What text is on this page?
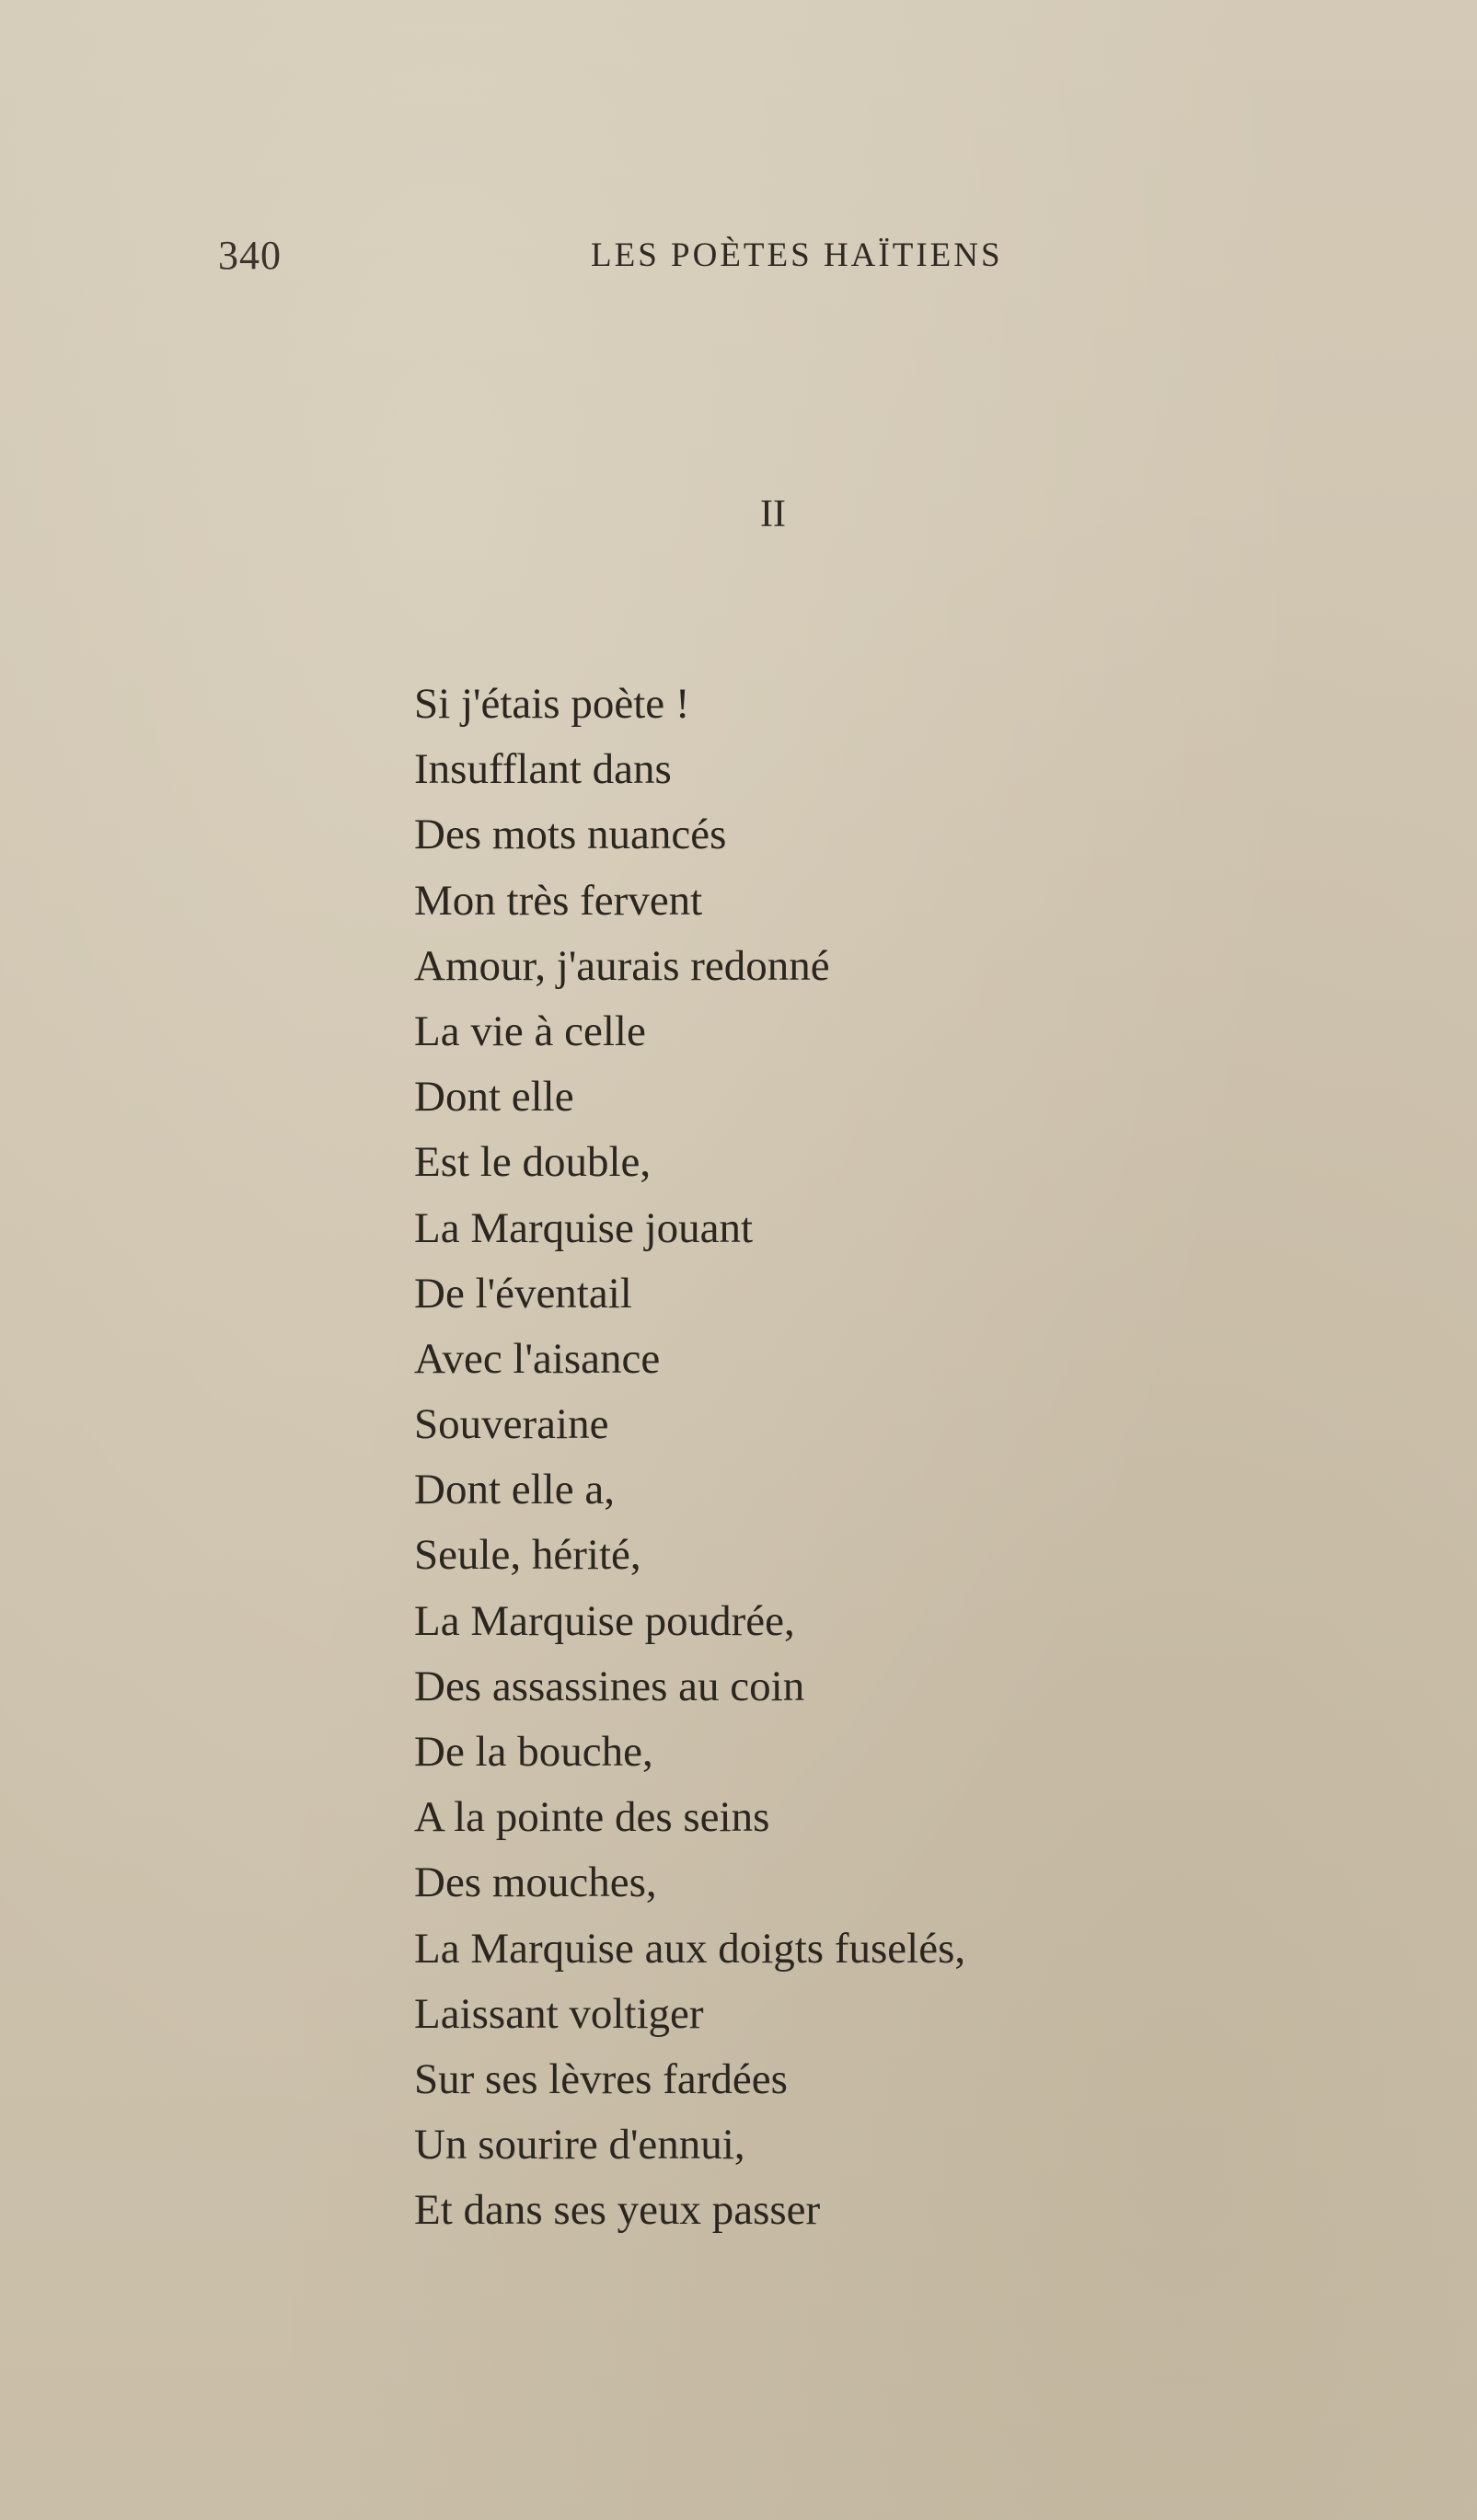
340	LES POÈTES HAÏTIENS
II
Si j'étais poète !
Insufflant dans
Des mots nuancés
Mon très fervent
Amour, j'aurais redonné
La vie à celle
Dont elle
Est le double,
La Marquise jouant
De l'éventail
Avec l'aisance
Souveraine
Dont elle a,
Seule, hérité,
La Marquise poudrée,
Des assassines au coin
De la bouche,
A la pointe des seins
Des mouches,
La Marquise aux doigts fuselés,
Laissant voltiger
Sur ses lèvres fardées
Un sourire d'ennui,
Et dans ses yeux passer
